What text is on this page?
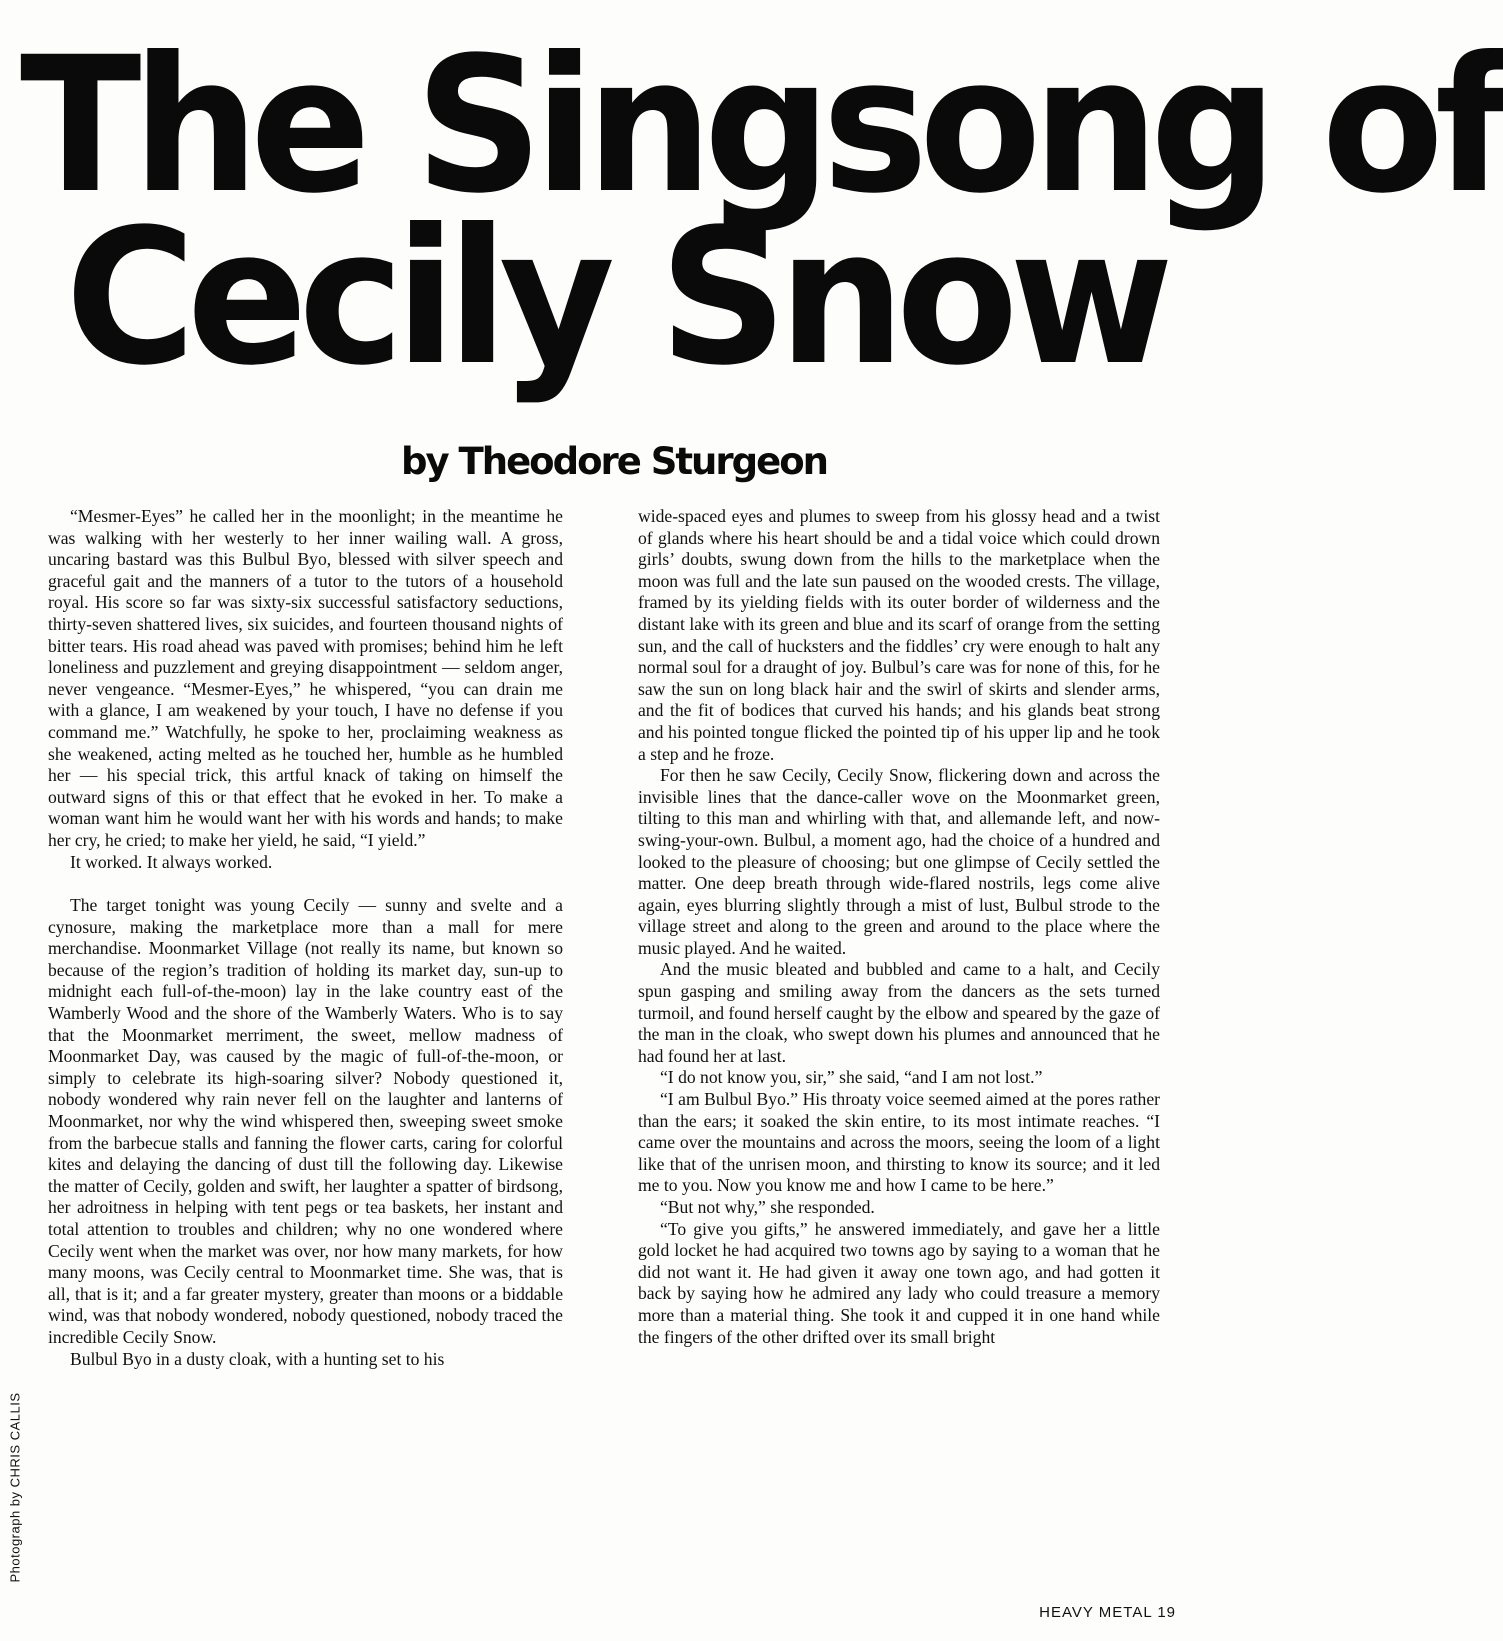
The Singsong of
Cecily Snow
by Theodore Sturgeon

“Mesmer-Eyes” he called her in the moonlight; in the meantime he was walking with her westerly to her inner wailing wall. A gross, uncaring bastard was this Bulbul Byo, blessed with silver speech and graceful gait and the manners of a tutor to the tutors of a household royal. His score so far was sixty-six successful satisfactory seductions, thirty-seven shattered lives, six suicides, and fourteen thousand nights of bitter tears. His road ahead was paved with promises; behind him he left loneliness and puzzlement and greying disappointment — seldom anger, never vengeance. “Mesmer-Eyes,” he whispered, “you can drain me with a glance, I am weakened by your touch, I have no defense if you command me.” Watchfully, he spoke to her, proclaiming weakness as she weakened, acting melted as he touched her, humble as he humbled her — his special trick, this artful knack of taking on himself the outward signs of this or that effect that he evoked in her. To make a woman want him he would want her with his words and hands; to make her cry, he cried; to make her yield, he said, “I yield.”

It worked. It always worked.

The target tonight was young Cecily — sunny and svelte and a cynosure, making the marketplace more than a mall for mere merchandise. Moonmarket Village (not really its name, but known so because of the region’s tradition of holding its market day, sun-up to midnight each full-of-the-moon) lay in the lake country east of the Wamberly Wood and the shore of the Wamberly Waters. Who is to say that the Moonmarket merriment, the sweet, mellow madness of Moonmarket Day, was caused by the magic of full-of-the-moon, or simply to celebrate its high-soaring silver? Nobody questioned it, nobody wondered why rain never fell on the laughter and lanterns of Moonmarket, nor why the wind whispered then, sweeping sweet smoke from the barbecue stalls and fanning the flower carts, caring for colorful kites and delaying the dancing of dust till the following day. Likewise the matter of Cecily, golden and swift, her laughter a spatter of birdsong, her adroitness in helping with tent pegs or tea baskets, her instant and total attention to troubles and children; why no one wondered where Cecily went when the market was over, nor how many markets, for how many moons, was Cecily central to Moonmarket time. She was, that is all, that is it; and a far greater mystery, greater than moons or a biddable wind, was that nobody wondered, nobody questioned, nobody traced the incredible Cecily Snow.

Bulbul Byo in a dusty cloak, with a hunting set to his

wide-spaced eyes and plumes to sweep from his glossy head and a twist of glands where his heart should be and a tidal voice which could drown girls’ doubts, swung down from the hills to the marketplace when the moon was full and the late sun paused on the wooded crests. The village, framed by its yielding fields with its outer border of wilderness and the distant lake with its green and blue and its scarf of orange from the setting sun, and the call of hucksters and the fiddles’ cry were enough to halt any normal soul for a draught of joy. Bulbul’s care was for none of this, for he saw the sun on long black hair and the swirl of skirts and slender arms, and the fit of bodices that curved his hands; and his glands beat strong and his pointed tongue flicked the pointed tip of his upper lip and he took a step and he froze.

For then he saw Cecily, Cecily Snow, flickering down and across the invisible lines that the dance-caller wove on the Moonmarket green, tilting to this man and whirling with that, and allemande left, and now-swing-your-own. Bulbul, a moment ago, had the choice of a hundred and looked to the pleasure of choosing; but one glimpse of Cecily settled the matter. One deep breath through wide-flared nostrils, legs come alive again, eyes blurring slightly through a mist of lust, Bulbul strode to the village street and along to the green and around to the place where the music played. And he waited.

And the music bleated and bubbled and came to a halt, and Cecily spun gasping and smiling away from the dancers as the sets turned turmoil, and found herself caught by the elbow and speared by the gaze of the man in the cloak, who swept down his plumes and announced that he had found her at last.

“I do not know you, sir,” she said, “and I am not lost.”

“I am Bulbul Byo.” His throaty voice seemed aimed at the pores rather than the ears; it soaked the skin entire, to its most intimate reaches. “I came over the mountains and across the moors, seeing the loom of a light like that of the unrisen moon, and thirsting to know its source; and it led me to you. Now you know me and how I came to be here.”

“But not why,” she responded.

“To give you gifts,” he answered immediately, and gave her a little gold locket he had acquired two towns ago by saying to a woman that he did not want it. He had given it away one town ago, and had gotten it back by saying how he admired any lady who could treasure a memory more than a material thing. She took it and cupped it in one hand while the fingers of the other drifted over its small bright

Photograph by CHRIS CALLIS
HEAVY METAL 19
